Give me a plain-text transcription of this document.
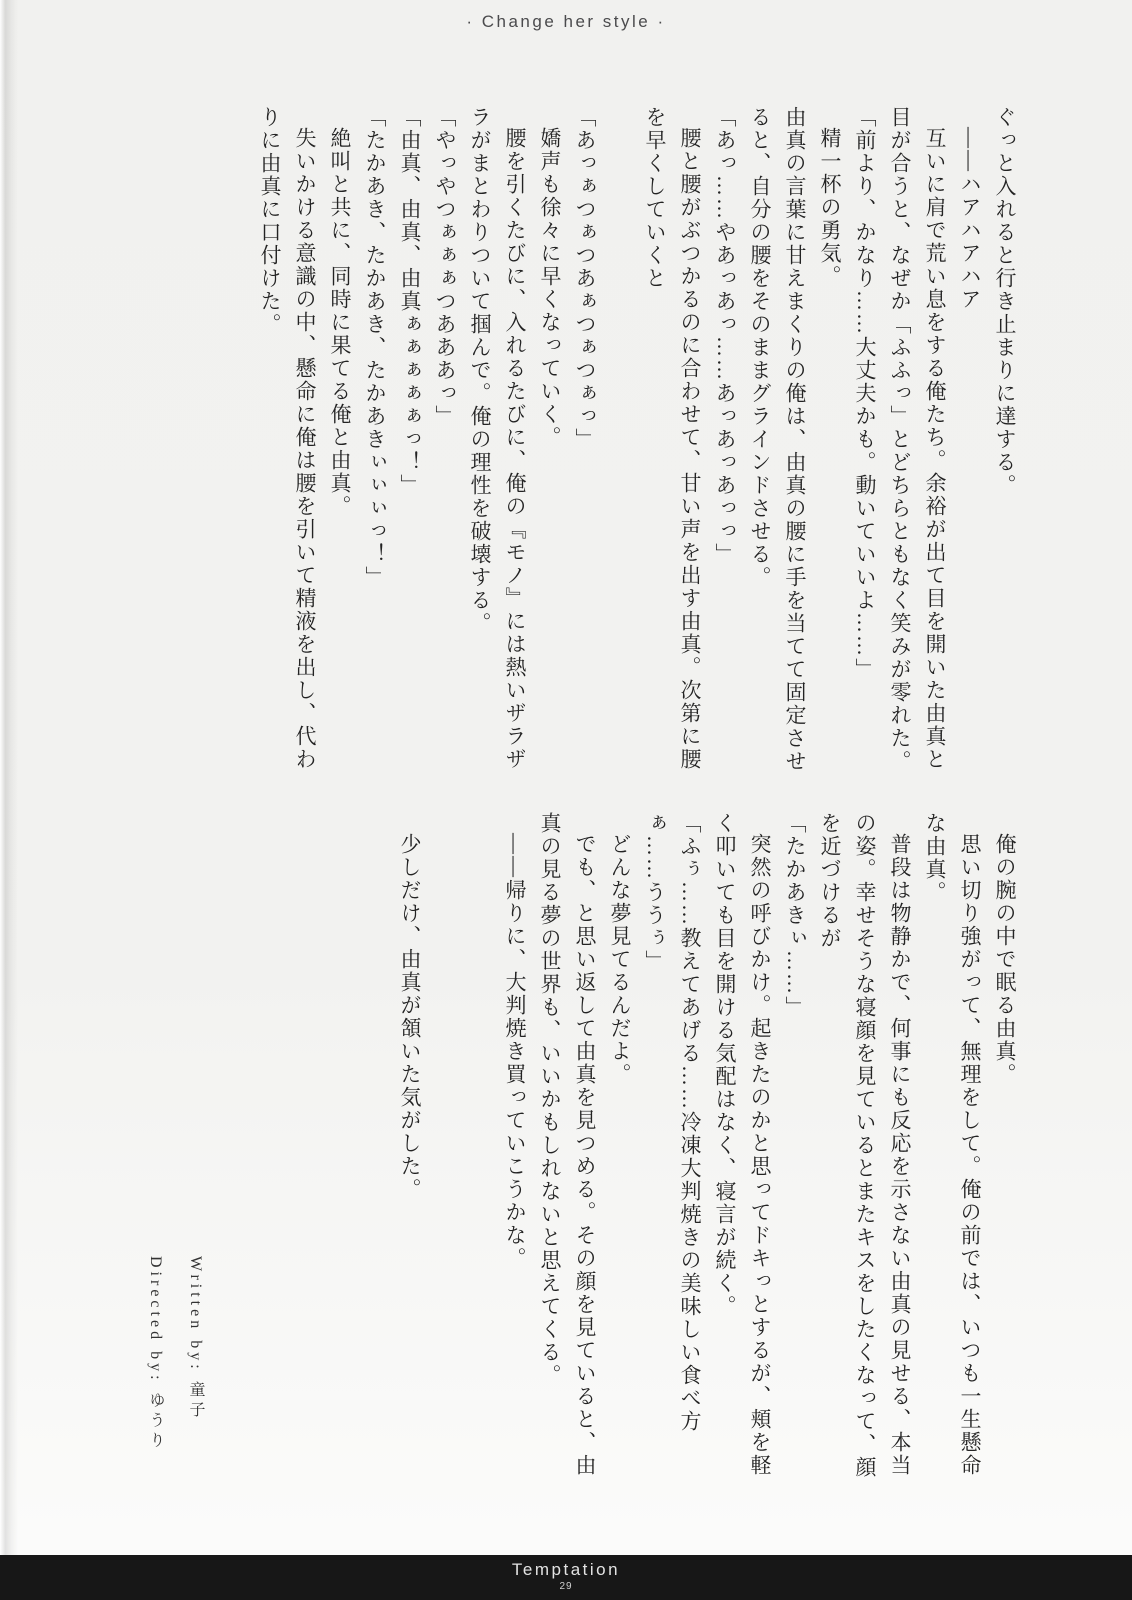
· Change her style ·

ぐっと入れると行き止まりに達する。

――ハアハアハア

互いに肩で荒い息をする俺たち。余裕が出て目を開いた由真と目が合うと、なぜか「ふふっ」とどちらともなく笑みが零れた。

「前より、かなり……大丈夫かも。動いていいよ……」

精一杯の勇気。

由真の言葉に甘えまくりの俺は、由真の腰に手を当てて固定させると、自分の腰をそのままグラインドさせる。

「あっ……やあっあっ……あっあっあっっ」

腰と腰がぶつかるのに合わせて、甘い声を出す由真。次第に腰を早くしていくと

「あっぁつぁつあぁつぁつぁっ」

嬌声も徐々に早くなっていく。

腰を引くたびに、入れるたびに、俺の『モノ』には熱いザラザラがまとわりついて掴んで。俺の理性を破壊する。

「やっやつぁぁぁつあああっ」

「由真、由真、由真ぁぁぁぁぁっ！」

「たかあき、たかあき、たかあきぃぃぃっ！」

絶叫と共に、同時に果てる俺と由真。

失いかける意識の中、懸命に俺は腰を引いて精液を出し、代わりに由真に口付けた。

俺の腕の中で眠る由真。

思い切り強がって、無理をして。俺の前では、いつも一生懸命な由真。

普段は物静かで、何事にも反応を示さない由真の見せる、本当の姿。幸せそうな寝顔を見ているとまたキスをしたくなって、顔を近づけるが

「たかあきぃ……」

突然の呼びかけ。起きたのかと思ってドキっとするが、頬を軽く叩いても目を開ける気配はなく、寝言が続く。

「ふぅ……教えてあげる……冷凍大判焼きの美味しい食べ方ぁ……ううぅ」

どんな夢見てるんだよ。

でも、と思い返して由真を見つめる。その顔を見ていると、由真の見る夢の世界も、いいかもしれないと思えてくる。

――帰りに、大判焼き買っていこうかな。

少しだけ、由真が頷いた気がした。

Written by: 童子

Directed by: ゆうり

Temptation
29
